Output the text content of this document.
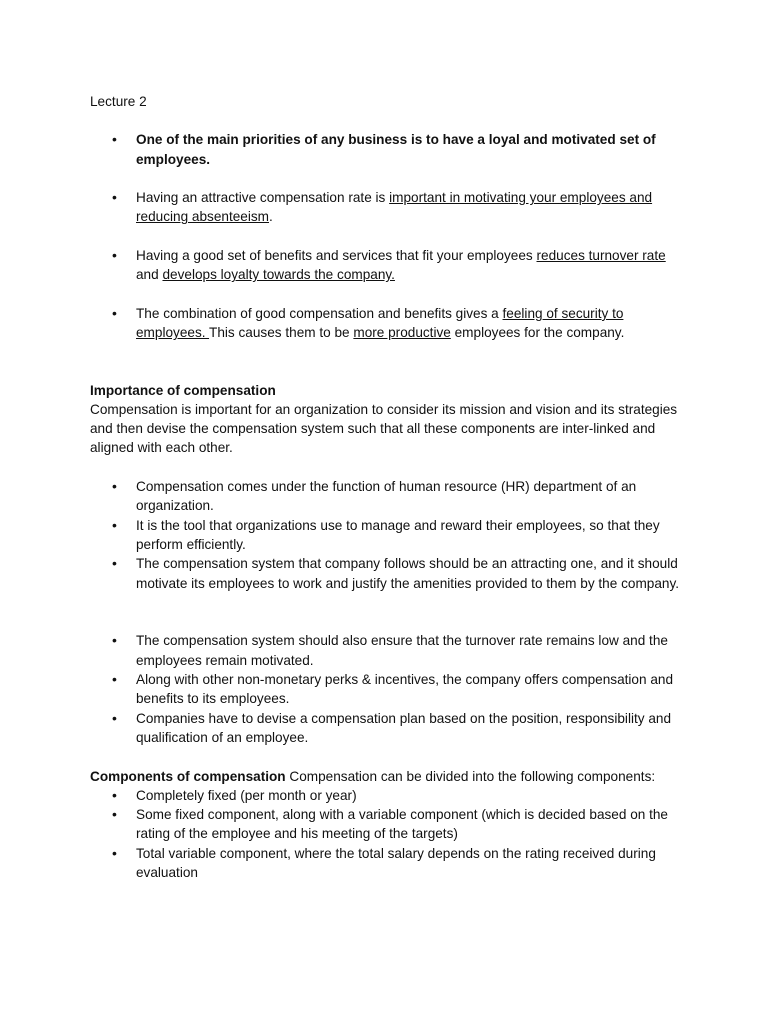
Lecture 2

• One of the main priorities of any business is to have a loyal and motivated set of employees.
• Having an attractive compensation rate is important in motivating your employees and reducing absenteeism.
• Having a good set of benefits and services that fit your employees reduces turnover rate and develops loyalty towards the company.
• The combination of good compensation and benefits gives a feeling of security to employees. This causes them to be more productive employees for the company.

Importance of compensation

Compensation is important for an organization to consider its mission and vision and its strategies and then devise the compensation system such that all these components are inter-linked and aligned with each other.

• Compensation comes under the function of human resource (HR) department of an organization.
• It is the tool that organizations use to manage and reward their employees, so that they perform efficiently.
• The compensation system that company follows should be an attracting one, and it should motivate its employees to work and justify the amenities provided to them by the company.
• The compensation system should also ensure that the turnover rate remains low and the employees remain motivated.
• Along with other non-monetary perks & incentives, the company offers compensation and benefits to its employees.
• Companies have to devise a compensation plan based on the position, responsibility and qualification of an employee.

Components of compensation Compensation can be divided into the following components:

• Completely fixed (per month or year)
• Some fixed component, along with a variable component (which is decided based on the rating of the employee and his meeting of the targets)
• Total variable component, where the total salary depends on the rating received during evaluation
